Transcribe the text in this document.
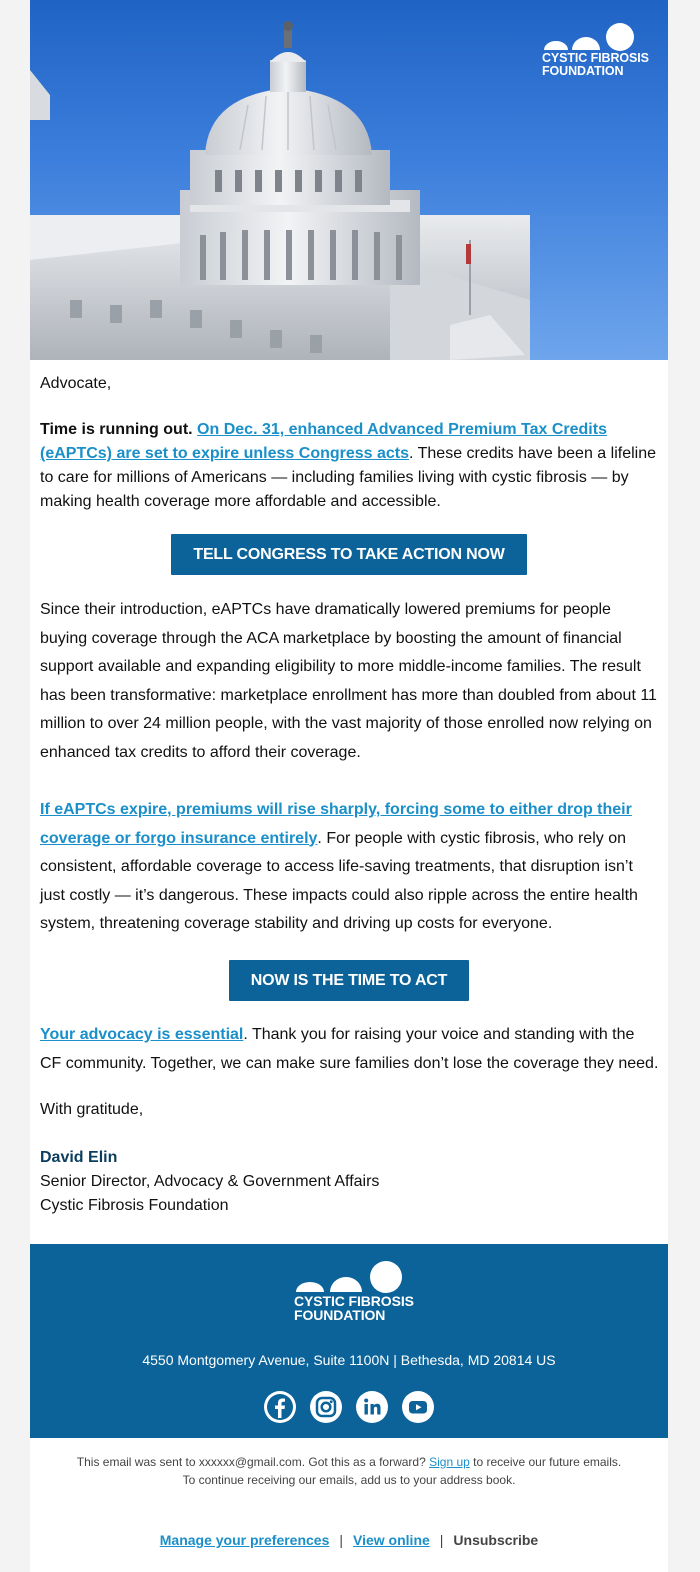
CYSTIC FIBROSIS
FOUNDATION
Advocate,
Time is running out. On Dec. 31, enhanced Advanced Premium Tax Credits (eAPTCs) are set to expire unless Congress acts. These credits have been a lifeline to care for millions of Americans — including families living with cystic fibrosis — by making health coverage more affordable and accessible.
TELL CONGRESS TO TAKE ACTION NOW
Since their introduction, eAPTCs have dramatically lowered premiums for people buying coverage through the ACA marketplace by boosting the amount of financial support available and expanding eligibility to more middle-income families. The result has been transformative: marketplace enrollment has more than doubled from about 11 million to over 24 million people, with the vast majority of those enrolled now relying on enhanced tax credits to afford their coverage.
If eAPTCs expire, premiums will rise sharply, forcing some to either drop their coverage or forgo insurance entirely. For people with cystic fibrosis, who rely on consistent, affordable coverage to access life-saving treatments, that disruption isn’t just costly — it’s dangerous. These impacts could also ripple across the entire health system, threatening coverage stability and driving up costs for everyone.
NOW IS THE TIME TO ACT
Your advocacy is essential. Thank you for raising your voice and standing with the CF community. Together, we can make sure families don’t lose the coverage they need.
With gratitude,
David Elin
Senior Director, Advocacy & Government Affairs
Cystic Fibrosis Foundation
CYSTIC FIBROSIS
FOUNDATION
4550 Montgomery Avenue, Suite 1100N | Bethesda, MD 20814 US
This email was sent to xxxxxx@gmail.com. Got this as a forward? Sign up to receive our future emails.
To continue receiving our emails, add us to your address book.
Manage your preferences | View online | Unsubscribe
